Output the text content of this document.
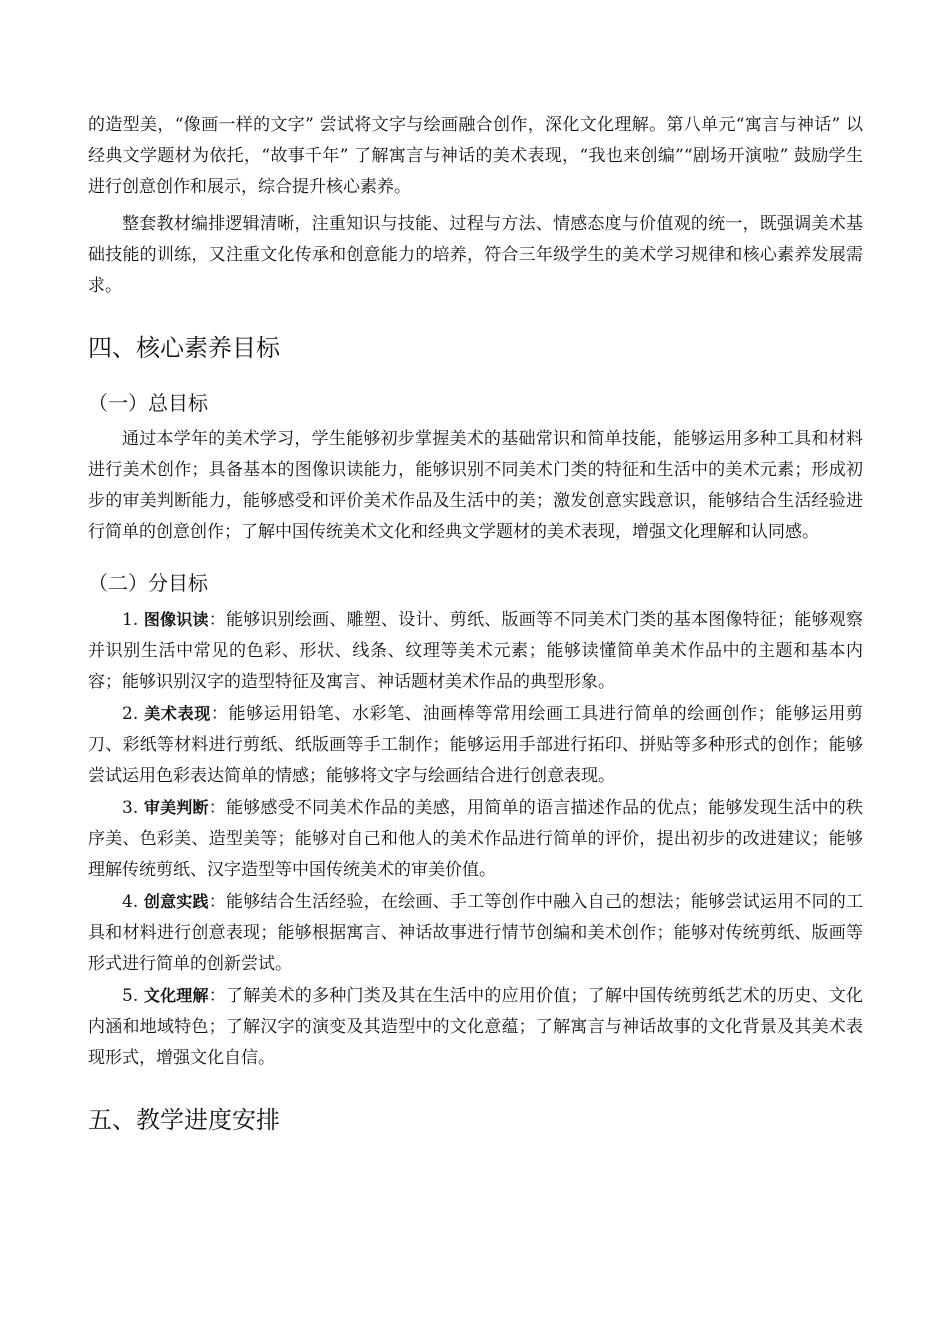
的造型美，“像画一样的文字” 尝试将文字与绘画融合创作，深化文化理解。第八单元“寓言与神话” 以经典文学题材为依托，“故事千年” 了解寓言与神话的美术表现，“我也来创编”“剧场开演啦” 鼓励学生进行创意创作和展示，综合提升核心素养。

整套教材编排逻辑清晰，注重知识与技能、过程与方法、情感态度与价值观的统一，既强调美术基础技能的训练，又注重文化传承和创意能力的培养，符合三年级学生的美术学习规律和核心素养发展需求。

四、核心素养目标
（一）总目标

通过本学年的美术学习，学生能够初步掌握美术的基础常识和简单技能，能够运用多种工具和材料进行美术创作；具备基本的图像识读能力，能够识别不同美术门类的特征和生活中的美术元素；形成初步的审美判断能力，能够感受和评价美术作品及生活中的美；激发创意实践意识，能够结合生活经验进行简单的创意创作；了解中国传统美术文化和经典文学题材的美术表现，增强文化理解和认同感。

（二）分目标

1. 图像识读：能够识别绘画、雕塑、设计、剪纸、版画等不同美术门类的基本图像特征；能够观察并识别生活中常见的色彩、形状、线条、纹理等美术元素；能够读懂简单美术作品中的主题和基本内容；能够识别汉字的造型特征及寓言、神话题材美术作品的典型形象。

2. 美术表现：能够运用铅笔、水彩笔、油画棒等常用绘画工具进行简单的绘画创作；能够运用剪刀、彩纸等材料进行剪纸、纸版画等手工制作；能够运用手部进行拓印、拼贴等多种形式的创作；能够尝试运用色彩表达简单的情感；能够将文字与绘画结合进行创意表现。

3. 审美判断：能够感受不同美术作品的美感，用简单的语言描述作品的优点；能够发现生活中的秩序美、色彩美、造型美等；能够对自己和他人的美术作品进行简单的评价，提出初步的改进建议；能够理解传统剪纸、汉字造型等中国传统美术的审美价值。

4. 创意实践：能够结合生活经验，在绘画、手工等创作中融入自己的想法；能够尝试运用不同的工具和材料进行创意表现；能够根据寓言、神话故事进行情节创编和美术创作；能够对传统剪纸、版画等形式进行简单的创新尝试。

5. 文化理解：了解美术的多种门类及其在生活中的应用价值；了解中国传统剪纸艺术的历史、文化内涵和地域特色；了解汉字的演变及其造型中的文化意蕴；了解寓言与神话故事的文化背景及其美术表现形式，增强文化自信。

五、教学进度安排
